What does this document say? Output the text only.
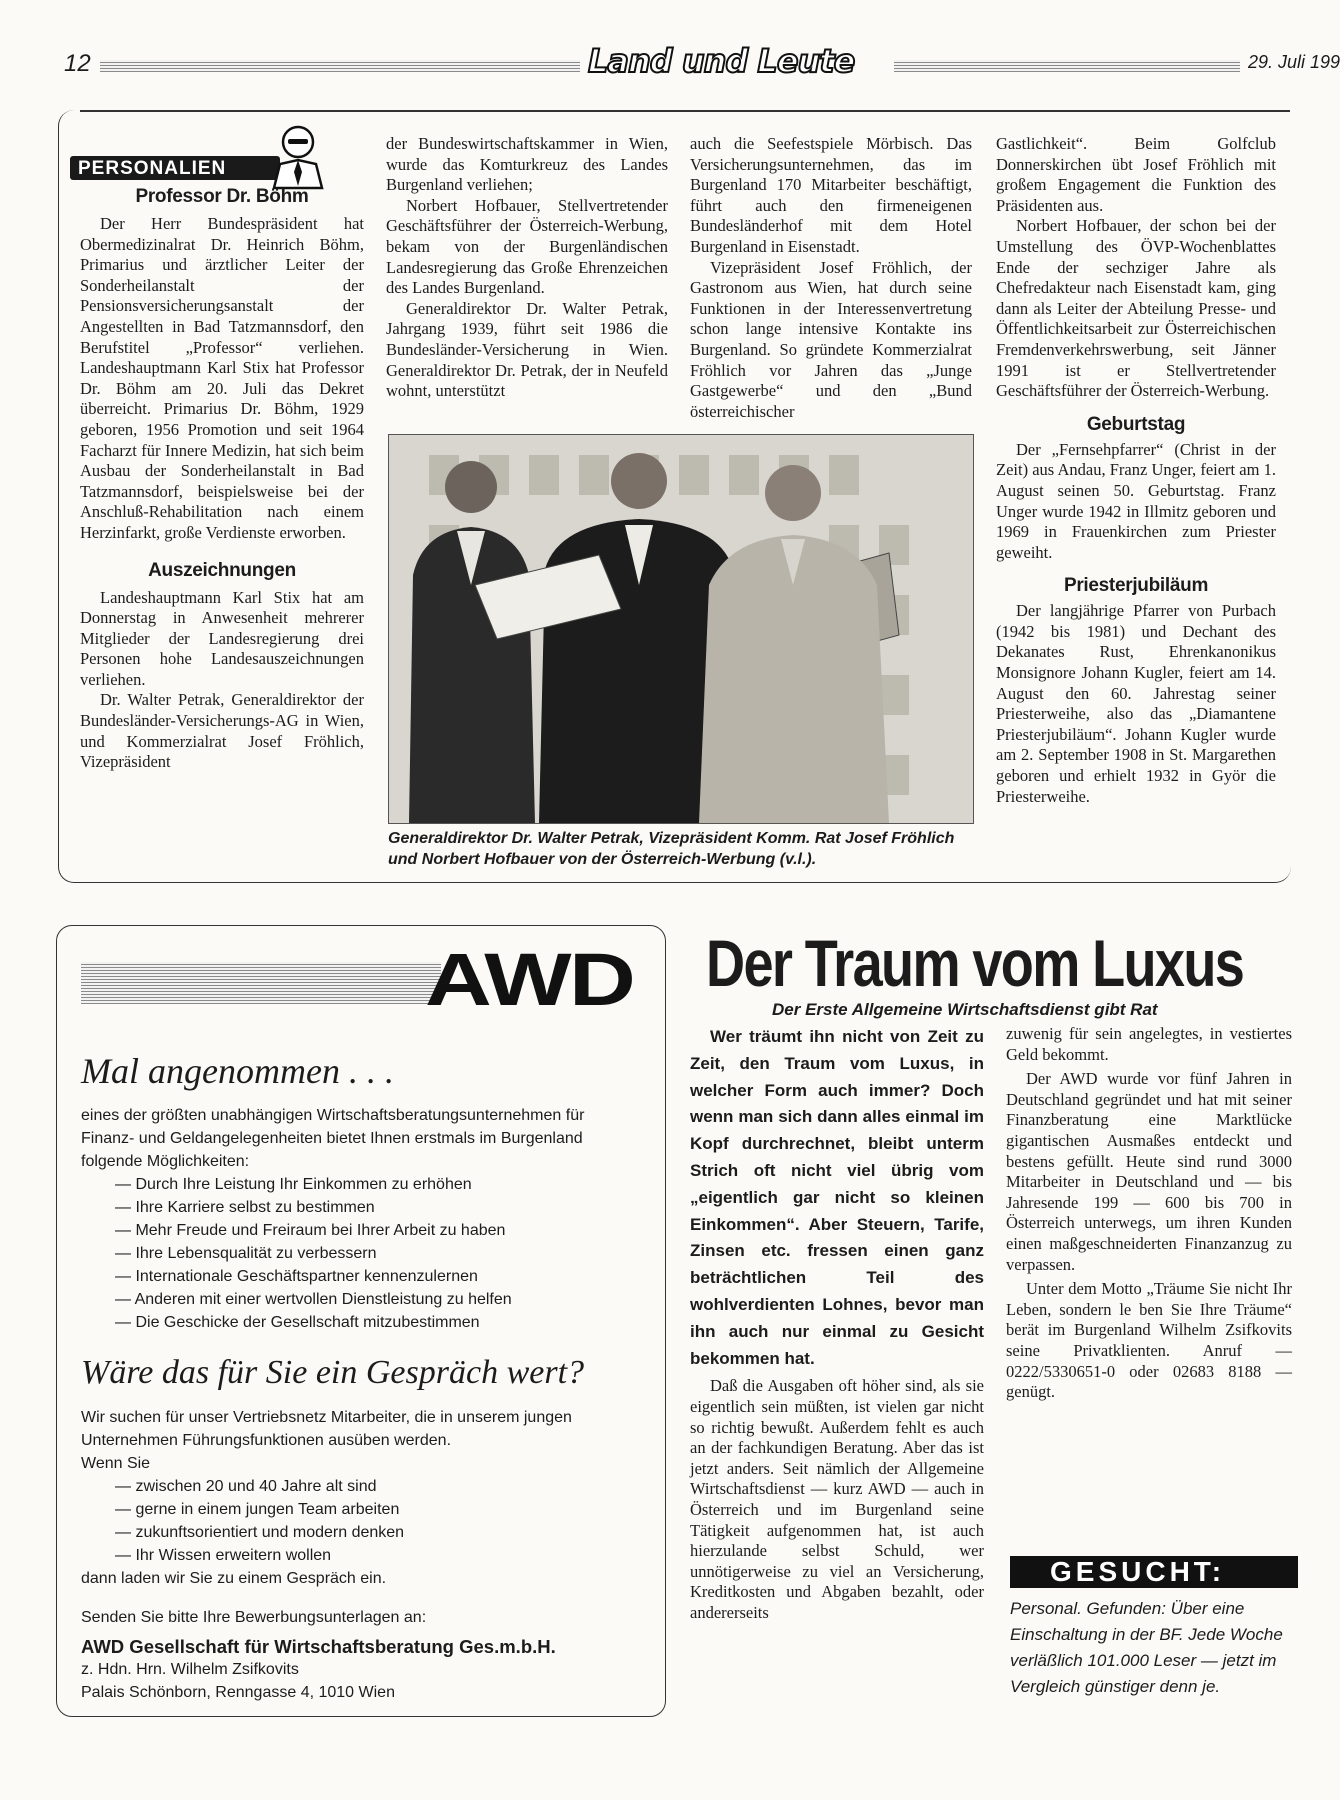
12	Land und Leute	29. Juli 199
PERSONALIEN

Professor Dr. Böhm

Der Herr Bundespräsident hat Obermedizinalrat Dr. Heinrich Böhm, Primarius und ärztlicher Leiter der Sonderheilanstalt der Pensionsversicherungsanstalt der Angestellten in Bad Tatzmannsdorf, den Berufstitel „Professor“ verliehen. Landeshauptmann Karl Stix hat Professor Dr. Böhm am 20. Juli das Dekret überreicht. Primarius Dr. Böhm, 1929 geboren, 1956 Promotion und seit 1964 Facharzt für Innere Medizin, hat sich beim Ausbau der Sonderheilanstalt in Bad Tatzmannsdorf, beispielsweise bei der Anschluß-Rehabilitation nach einem Herzinfarkt, große Verdienste erworben.

Auszeichnungen

Landeshauptmann Karl Stix hat am Donnerstag in Anwesenheit mehrerer Mitglieder der Landesregierung drei Personen hohe Landesauszeichnungen verliehen.

Dr. Walter Petrak, Generaldirektor der Bundesländer-Versicherungs-AG in Wien, und Kommerzialrat Josef Fröhlich, Vizepräsident

der Bundeswirtschaftskammer in Wien, wurde das Komturkreuz des Landes Burgenland verliehen;

Norbert Hofbauer, Stellvertretender Geschäftsführer der Österreich-Werbung, bekam von der Burgenländischen Landesregierung das Große Ehrenzeichen des Landes Burgenland.

Generaldirektor Dr. Walter Petrak, Jahrgang 1939, führt seit 1986 die Bundesländer-Versicherung in Wien. Generaldirektor Dr. Petrak, der in Neufeld wohnt, unterstützt

auch die Seefestspiele Mörbisch. Das Versicherungsunternehmen, das im Burgenland 170 Mitarbeiter beschäftigt, führt auch den firmeneigenen Bundesländerhof mit dem Hotel Burgenland in Eisenstadt.

Vizepräsident Josef Fröhlich, der Gastronom aus Wien, hat durch seine Funktionen in der Interessenvertretung schon lange intensive Kontakte ins Burgenland. So gründete Kommerzialrat Fröhlich vor Jahren das „Junge Gastgewerbe“ und den „Bund österreichischer

Generaldirektor Dr. Walter Petrak, Vizepräsident Komm. Rat Josef Fröhlich und Norbert Hofbauer von der Österreich-Werbung (v.l.).

Gastlichkeit“. Beim Golfclub Donnerskirchen übt Josef Fröhlich mit großem Engagement die Funktion des Präsidenten aus.

Norbert Hofbauer, der schon bei der Umstellung des ÖVP-Wochenblattes Ende der sechziger Jahre als Chefredakteur nach Eisenstadt kam, ging dann als Leiter der Abteilung Presse- und Öffentlichkeitsarbeit zur Österreichischen Fremdenverkehrswerbung, seit Jänner 1991 ist er Stellvertretender Geschäftsführer der Österreich-Werbung.

Geburtstag

Der „Fernsehpfarrer“ (Christ in der Zeit) aus Andau, Franz Unger, feiert am 1. August seinen 50. Geburtstag. Franz Unger wurde 1942 in Illmitz geboren und 1969 in Frauenkirchen zum Priester geweiht.

Priesterjubiläum

Der langjährige Pfarrer von Purbach (1942 bis 1981) und Dechant des Dekanates Rust, Ehrenkanonikus Monsignore Johann Kugler, feiert am 14. August den 60. Jahrestag seiner Priesterweihe, also das „Diamantene Priesterjubiläum“. Johann Kugler wurde am 2. September 1908 in St. Margarethen geboren und erhielt 1932 in Györ die Priesterweihe.

AWD
Mal angenommen . . .
eines der größten unabhängigen Wirtschaftsberatungsunternehmen für Finanz- und Geldangelegenheiten bietet Ihnen erstmals im Burgenland folgende Möglichkeiten:
— Durch Ihre Leistung Ihr Einkommen zu erhöhen
— Ihre Karriere selbst zu bestimmen
— Mehr Freude und Freiraum bei Ihrer Arbeit zu haben
— Ihre Lebensqualität zu verbessern
— Internationale Geschäftspartner kennenzulernen
— Anderen mit einer wertvollen Dienstleistung zu helfen
— Die Geschicke der Gesellschaft mitzubestimmen
Wäre das für Sie ein Gespräch wert?
Wir suchen für unser Vertriebsnetz Mitarbeiter, die in unserem jungen Unternehmen Führungsfunktionen ausüben werden.
Wenn Sie
— zwischen 20 und 40 Jahre alt sind
— gerne in einem jungen Team arbeiten
— zukunftsorientiert und modern denken
— Ihr Wissen erweitern wollen
dann laden wir Sie zu einem Gespräch ein.
Senden Sie bitte Ihre Bewerbungsunterlagen an:
AWD Gesellschaft für Wirtschaftsberatung Ges.m.b.H.
z. Hdn. Hrn. Wilhelm Zsifkovits
Palais Schönborn, Renngasse 4, 1010 Wien
Der Traum vom Luxus
Der Erste Allgemeine Wirtschaftsdienst gibt Rat

Wer träumt ihn nicht von Zeit zu Zeit, den Traum vom Luxus, in welcher Form auch immer? Doch wenn man sich dann alles einmal im Kopf durchrechnet, bleibt unterm Strich oft nicht viel übrig vom „eigentlich gar nicht so kleinen Einkommen“. Aber Steuern, Tarife, Zinsen etc. fressen einen ganz beträchtlichen Teil des wohlverdienten Lohnes, bevor man ihn auch nur einmal zu Gesicht bekommen hat.

Daß die Ausgaben oft höher sind, als sie eigentlich sein müßten, ist vielen gar nicht so richtig bewußt. Außerdem fehlt es auch an der fachkundigen Beratung. Aber das ist jetzt anders. Seit nämlich der Allgemeine Wirtschaftsdienst — kurz AWD — auch in Österreich und im Burgenland seine Tätigkeit aufgenommen hat, ist auch hierzulande selbst Schuld, wer unnötigerweise zu viel an Versicherung, Kreditkosten und Abgaben bezahlt, oder andererseits

zuwenig für sein angelegtes, in vestiertes Geld bekommt.

Der AWD wurde vor fünf Jahren in Deutschland gegründet und hat mit seiner Finanzberatung eine Marktlücke gigantischen Ausmaßes entdeckt und bestens gefüllt. Heute sind rund 3000 Mitarbeiter in Deutschland und — bis Jahresende 199 — 600 bis 700 in Österreich unterwegs, um ihren Kunden einen maßgeschneiderten Finanzanzug zu verpassen.

Unter dem Motto „Träume Sie nicht Ihr Leben, sondern le ben Sie Ihre Träume“ berät im Burgenland Wilhelm Zsifkovits seine Privatklienten. Anruf — 0222/5330651-0 oder 02683 8188 — genügt.

GESUCHT:
Personal. Gefunden: Über eine Einschaltung in der BF. Jede Woche verläßlich 101.000 Leser — jetzt im Vergleich günstiger denn je.
